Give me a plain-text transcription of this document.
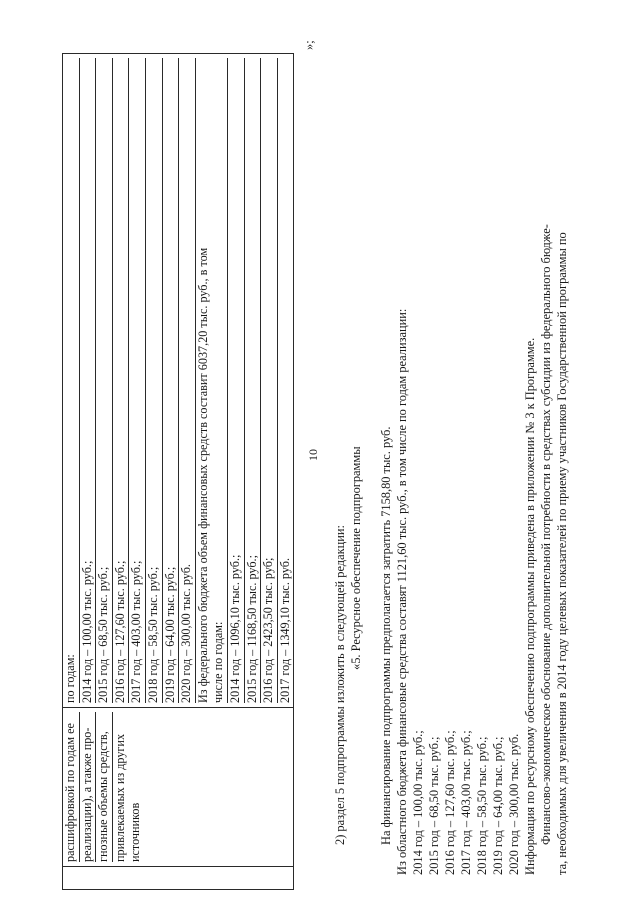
10

расшифровкой по годам ее реализации), а также про- гнозные объемы средств, привлекаемых из других источников

по годам: 2014 год – 100,00 тыс. руб.; 2015 год – 68,50 тыс. руб.; 2016 год – 127,60 тыс. руб.; 2017 год – 403,00 тыс. руб.; 2018 год – 58,50 тыс. руб.; 2019 год – 64,00 тыс. руб.; 2020 год – 300,00 тыс. руб. Из федерального бюджета объем финансовых средств составит 6037,20 тыс. руб., в том числе по годам: 2014 год – 1096,10 тыс. руб.; 2015 год – 1168,50 тыс. руб.; 2016 год – 2423,50 тыс. руб; 2017 год – 1349,10 тыс. руб.
»;
2) раздел 5 подпрограммы изложить в следующей редакции: «5. Ресурсное обеспечение подпрограммы На финансирование подпрограммы предполагается затратить 7158,80 тыс. руб. Из областного бюджета финансовые средства составят 1121,60 тыс. руб., в том числе по годам реализации: 2014 год – 100,00 тыс. руб.; 2015 год – 68,50 тыс. руб.; 2016 год – 127,60 тыс. руб.; 2017 год – 403,00 тыс. руб.; 2018 год – 58,50 тыс. руб.; 2019 год – 64,00 тыс. руб.; 2020 год – 300,00 тыс. руб. Информация по ресурсному обеспечению подпрограммы приведена в приложении № 3 к Программе. Финансово-экономическое обоснование дополнительной потребности в средствах субсидии из федерального бюдже- та, необходимых для увеличения в 2014 году целевых показателей по приему участников Государственной программы по
